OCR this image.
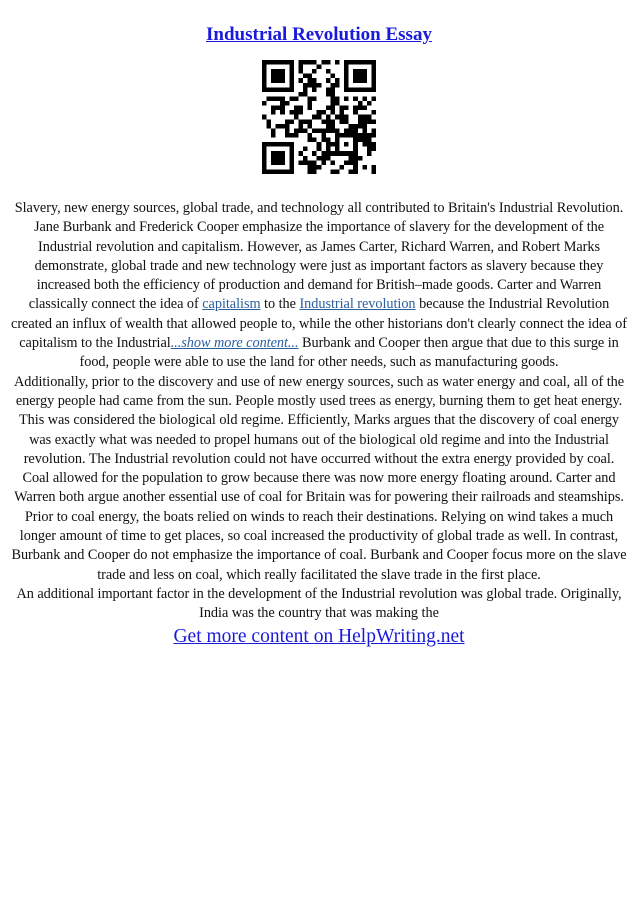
Industrial Revolution Essay

Slavery, new energy sources, global trade, and technology all contributed to Britain's Industrial Revolution. Jane Burbank and Frederick Cooper emphasize the importance of slavery for the development of the Industrial revolution and capitalism. However, as James Carter, Richard Warren, and Robert Marks demonstrate, global trade and new technology were just as important factors as slavery because they increased both the efficiency of production and demand for British–made goods. Carter and Warren classically connect the idea of capitalism to the Industrial revolution because the Industrial Revolution created an influx of wealth that allowed people to, while the other historians don't clearly connect the idea of capitalism to the Industrial...show more content... Burbank and Cooper then argue that due to this surge in food, people were able to use the land for other needs, such as manufacturing goods.

Additionally, prior to the discovery and use of new energy sources, such as water energy and coal, all of the energy people had came from the sun. People mostly used trees as energy, burning them to get heat energy. This was considered the biological old regime. Efficiently, Marks argues that the discovery of coal energy was exactly what was needed to propel humans out of the biological old regime and into the Industrial revolution. The Industrial revolution could not have occurred without the extra energy provided by coal. Coal allowed for the population to grow because there was now more energy floating around. Carter and Warren both argue another essential use of coal for Britain was for powering their railroads and steamships. Prior to coal energy, the boats relied on winds to reach their destinations. Relying on wind takes a much longer amount of time to get places, so coal increased the productivity of global trade as well. In contrast, Burbank and Cooper do not emphasize the importance of coal. Burbank and Cooper focus more on the slave trade and less on coal, which really facilitated the slave trade in the first place.

An additional important factor in the development of the Industrial revolution was global trade. Originally, India was the country that was making the

Get more content on HelpWriting.net
